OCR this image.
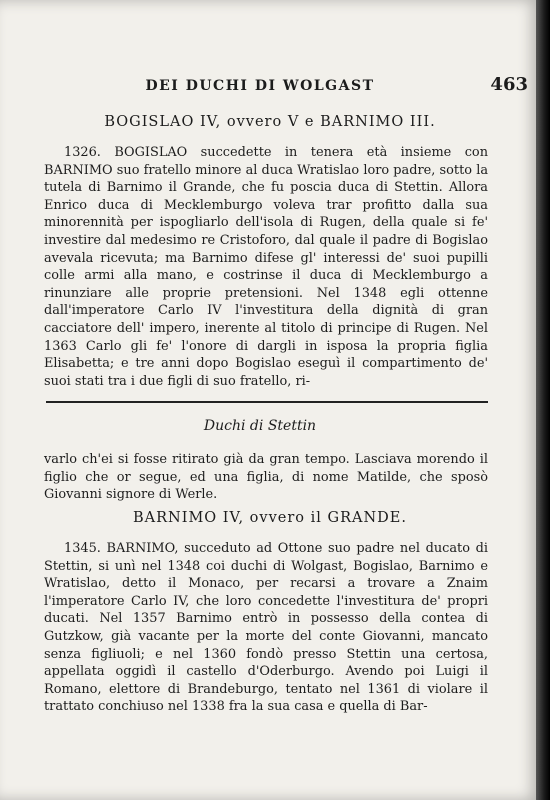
DEI DUCHI DI WOLGAST	463
BOGISLAO IV, ovvero V e BARNIMO III.

1326. BOGISLAO succedette in tenera età insieme con BARNIMO suo fratello minore al duca Wratislao loro padre, sotto la tutela di Barnimo il Grande, che fu poscia duca di Stettin. Allora Enrico duca di Mecklemburgo voleva trar profitto dalla sua minorennità per ispogliarlo dell'isola di Rugen, della quale si fe' investire dal medesimo re Cristoforo, dal quale il padre di Bogislao avevala ricevuta; ma Barnimo difese gl' interessi de' suoi pupilli colle armi alla mano, e costrinse il duca di Mecklemburgo a rinunziare alle proprie pretensioni. Nel 1348 egli ottenne dall'imperatore Carlo IV l'investitura della dignità di gran cacciatore dell' impero, inerente al titolo di principe di Rugen. Nel 1363 Carlo gli fe' l'onore di dargli in isposa la propria figlia Elisabetta; e tre anni dopo Bogislao eseguì il compartimento de' suoi stati tra i due figli di suo fratello, ri-

Duchi di Stettin

varlo ch'ei si fosse ritirato già da gran tempo. Lasciava morendo il figlio che or segue, ed una figlia, di nome Matilde, che sposò Giovanni signore di Werle.

BARNIMO IV, ovvero il GRANDE.

1345. BARNIMO, succeduto ad Ottone suo padre nel ducato di Stettin, si unì nel 1348 coi duchi di Wolgast, Bogislao, Barnimo e Wratislao, detto il Monaco, per recarsi a trovare a Znaim l'imperatore Carlo IV, che loro concedette l'investitura de' propri ducati. Nel 1357 Barnimo entrò in possesso della contea di Gutzkow, già vacante per la morte del conte Giovanni, mancato senza figliuoli; e nel 1360 fondò presso Stettin una certosa, appellata oggidì il castello d'Oderburgo. Avendo poi Luigi il Romano, elettore di Brandeburgo, tentato nel 1361 di violare il trattato conchiuso nel 1338 fra la sua casa e quella di Bar-
